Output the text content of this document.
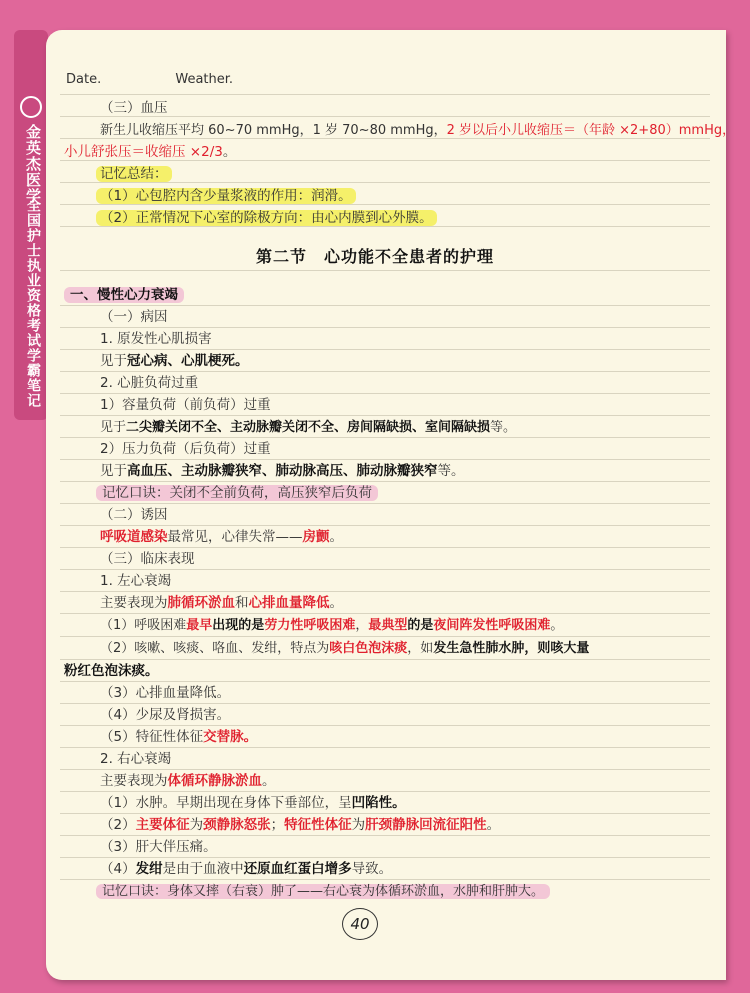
金英杰医学
全国护士执业资格考试学霸笔记
Date.	Weather.
（三）血压
新生儿收缩压平均 60~70 mmHg，1 岁 70~80 mmHg，2 岁以后小儿收缩压＝（年龄 ×2+80）mmHg，
小儿舒张压＝收缩压 ×2/3。
记忆总结：
（1）心包腔内含少量浆液的作用：润滑。
（2）正常情况下心室的除极方向：由心内膜到心外膜。
第二节　心功能不全患者的护理
一、慢性心力衰竭
（一）病因
1. 原发性心肌损害
见于冠心病、心肌梗死。
2. 心脏负荷过重
1）容量负荷（前负荷）过重
见于二尖瓣关闭不全、主动脉瓣关闭不全、房间隔缺损、室间隔缺损等。
2）压力负荷（后负荷）过重
见于高血压、主动脉瓣狭窄、肺动脉高压、肺动脉瓣狭窄等。
记忆口诀：关闭不全前负荷，高压狭窄后负荷
（二）诱因
呼吸道感染最常见，心律失常——房颤。
（三）临床表现
1. 左心衰竭
主要表现为肺循环淤血和心排血量降低。
（1）呼吸困难最早出现的是劳力性呼吸困难，最典型的是夜间阵发性呼吸困难。
（2）咳嗽、咳痰、咯血、发绀，特点为咳白色泡沫痰，如发生急性肺水肿，则咳大量
粉红色泡沫痰。
（3）心排血量降低。
（4）少尿及肾损害。
（5）特征性体征交替脉。
2. 右心衰竭
主要表现为体循环静脉淤血。
（1）水肿。早期出现在身体下垂部位，呈凹陷性。
（2）主要体征为颈静脉怒张；特征性体征为肝颈静脉回流征阳性。
（3）肝大伴压痛。
（4）发绀是由于血液中还原血红蛋白增多导致。
记忆口诀：身体又摔（右衰）肿了——右心衰为体循环淤血，水肿和肝肿大。
40
